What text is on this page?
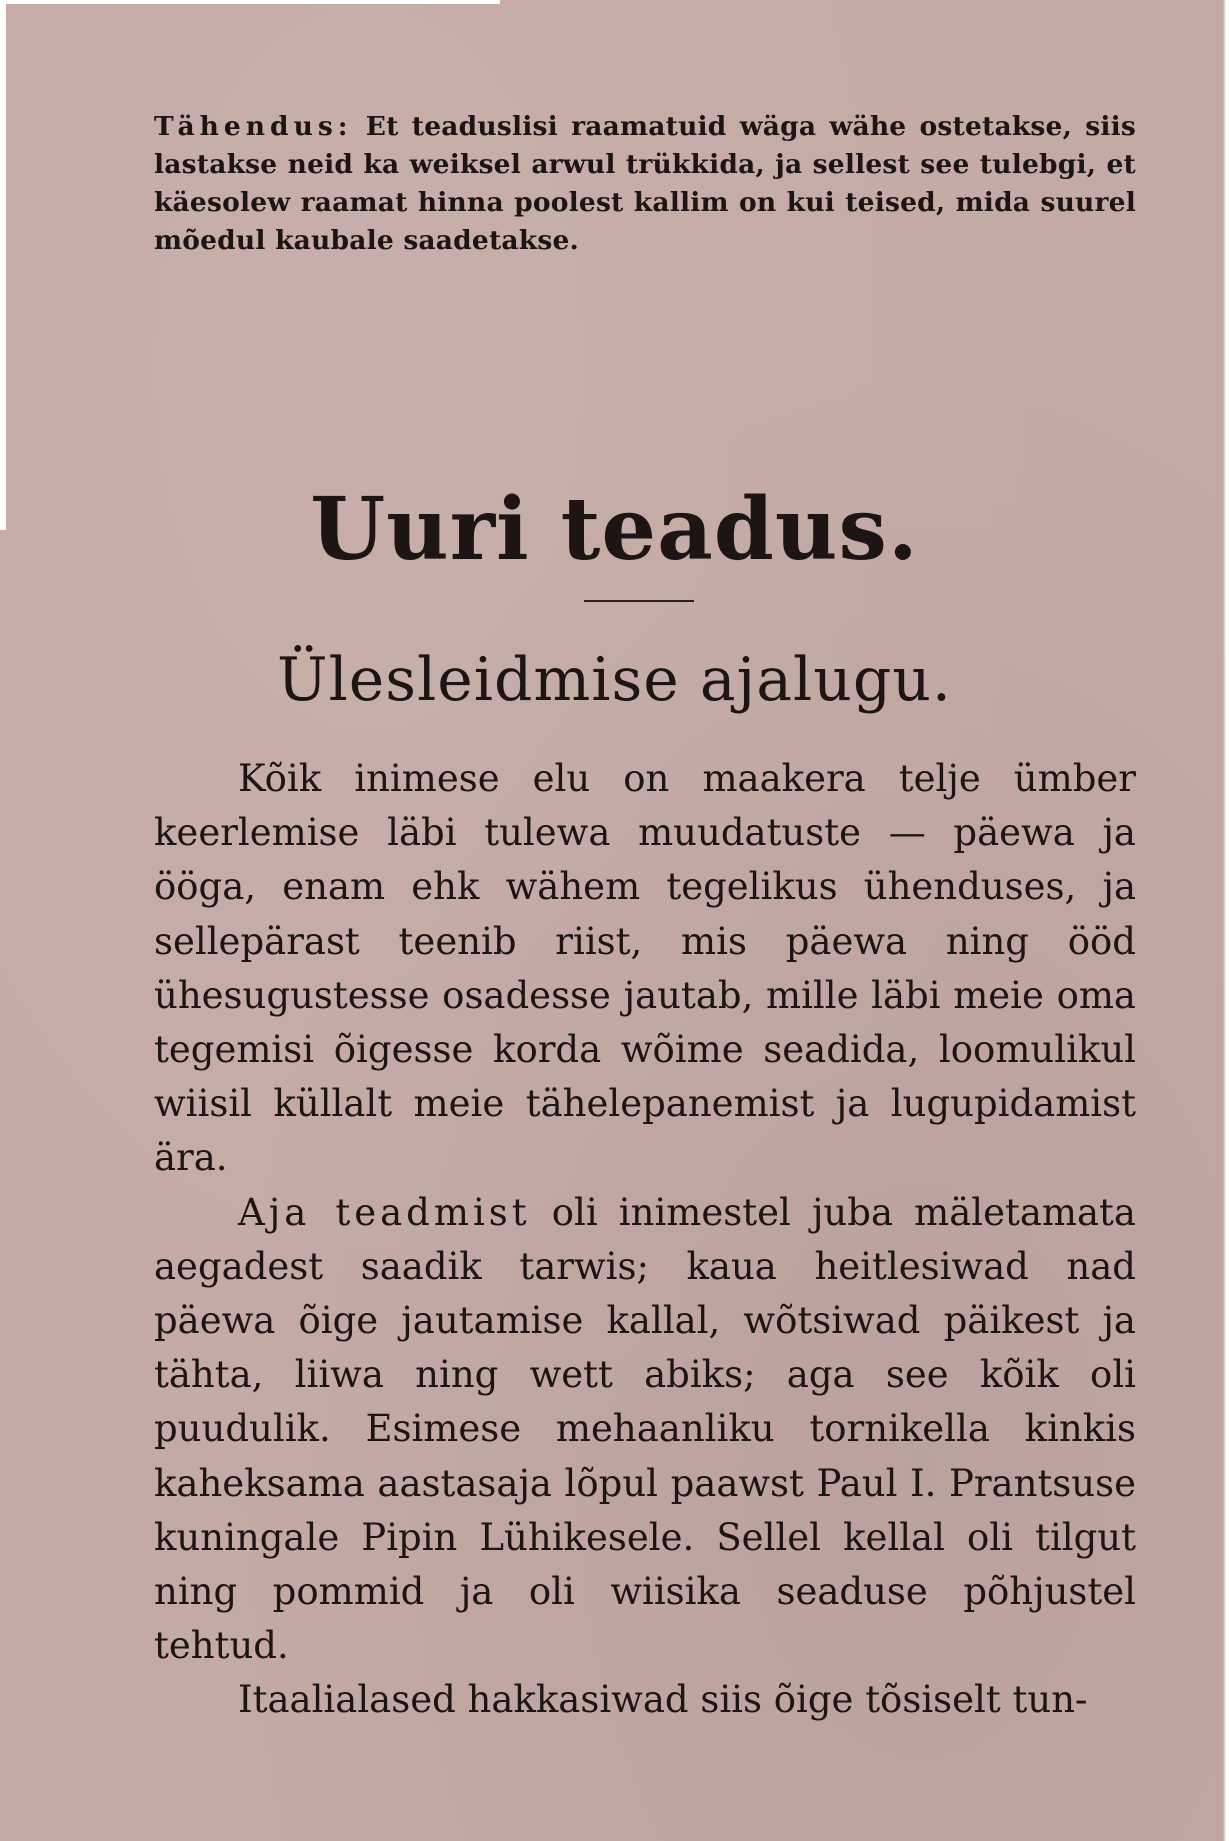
Tähendus: Et teaduslisi raamatuid wäga wähe ostetakse, siis lastakse neid ka weiksel arwul trükkida, ja sellest see tulebgi, et käesolew raamat hinna poolest kallim on kui teised, mida suurel mõedul kaubale saadetakse.
Uuri teadus.
Ülesleidmise ajalugu.

Kõik inimese elu on maakera telje ümber keerlemise läbi tulewa muudatuste — päewa ja ööga, enam ehk wähem tegelikus ühenduses, ja sellepärast teenib riist, mis päewa ning ööd ühesugustesse osadesse jautab, mille läbi meie oma tegemisi õigesse korda wõime seadida, loomulikul wiisil küllalt meie tähelepanemist ja lugupidamist ära.

Aja teadmist oli inimestel juba mäletamata aegadest saadik tarwis; kaua heitlesiwad nad päewa õige jautamise kallal, wõtsiwad päikest ja tähta, liiwa ning wett abiks; aga see kõik oli puudulik. Esimese mehaanliku tornikella kinkis kaheksama aastasaja lõpul paawst Paul I. Prantsuse kuningale Pipin Lühikesele. Sellel kellal oli tilgut ning pommid ja oli wiisika seaduse põhjustel tehtud.

Itaalialased hakkasiwad siis õige tõsiselt tun-
